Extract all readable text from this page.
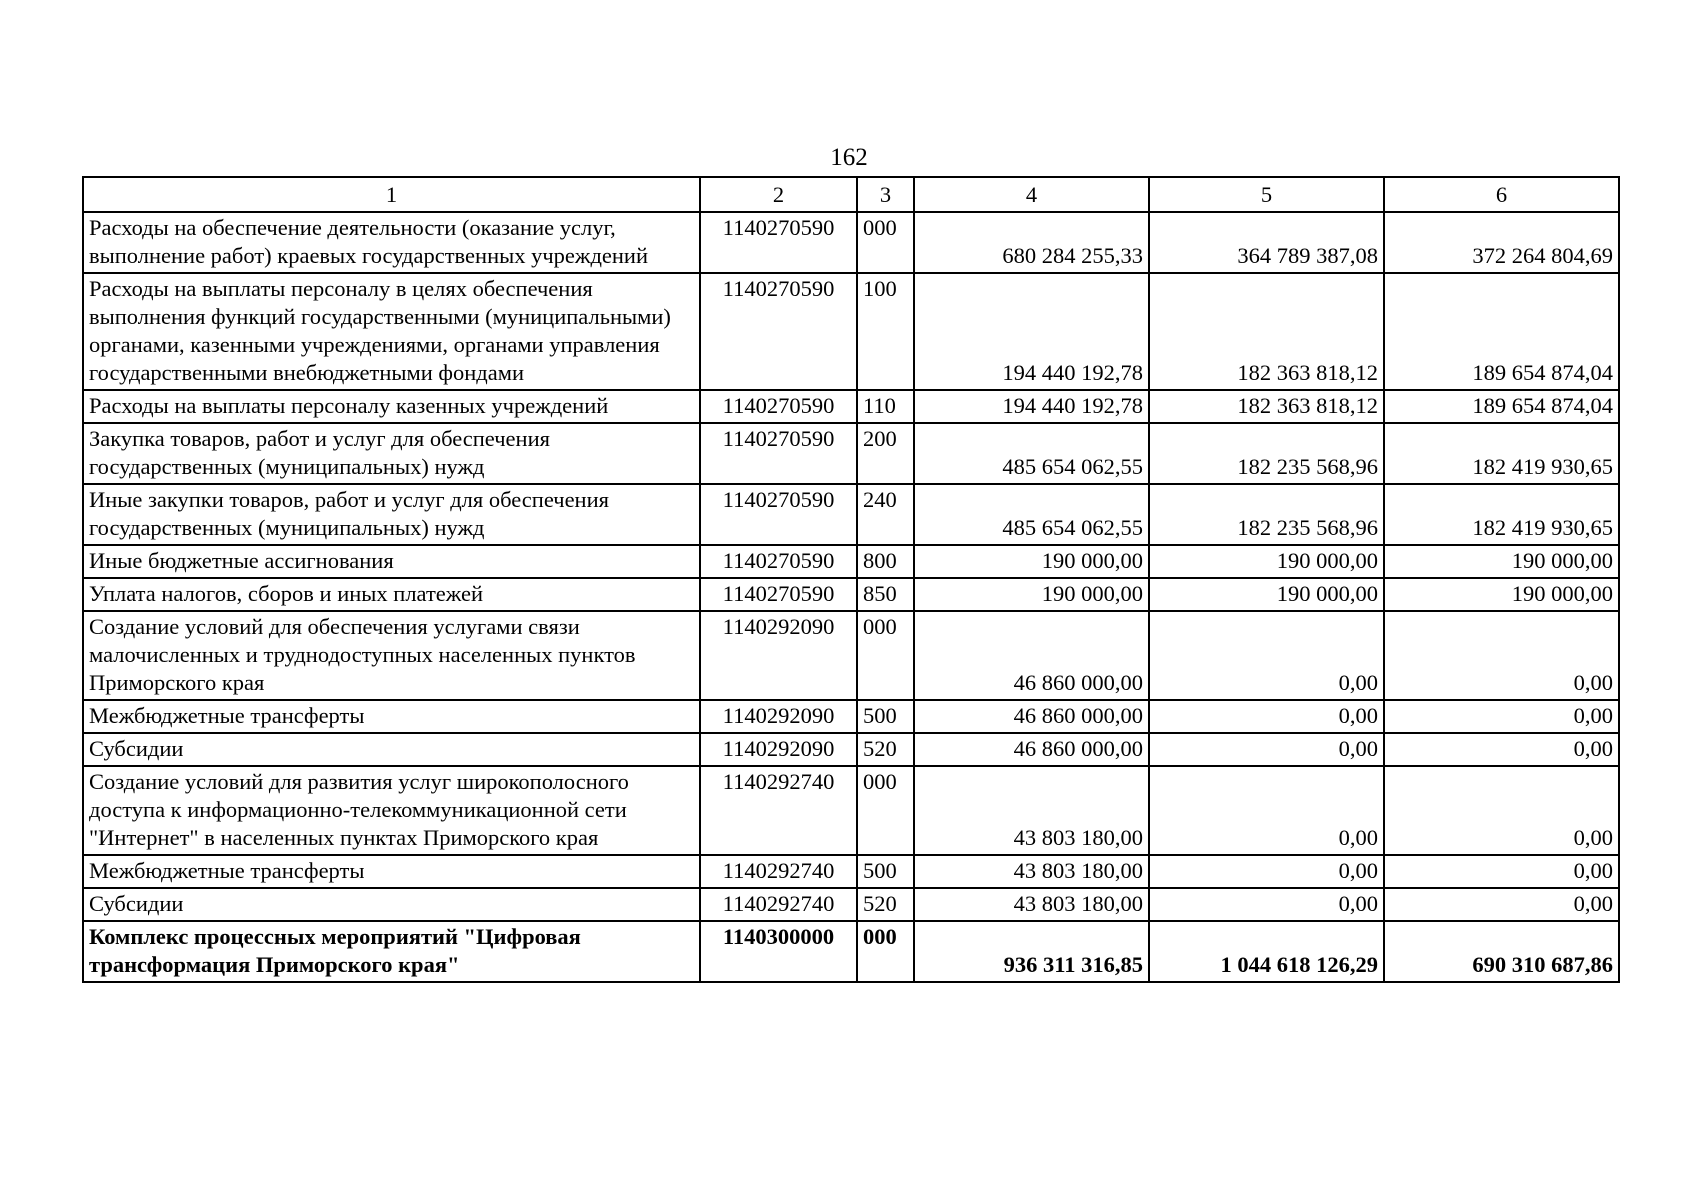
162
1	2	3	4	5	6
Расходы на обеспечение деятельности (оказание услуг, выполнение работ) краевых государственных учреждений	1140270590	000	680 284 255,33	364 789 387,08	372 264 804,69
Расходы на выплаты персоналу в целях обеспечения выполнения функций государственными (муниципальными) органами, казенными учреждениями, органами управления государственными внебюджетными фондами	1140270590	100	194 440 192,78	182 363 818,12	189 654 874,04
Расходы на выплаты персоналу казенных учреждений	1140270590	110	194 440 192,78	182 363 818,12	189 654 874,04
Закупка товаров, работ и услуг для обеспечения государственных (муниципальных) нужд	1140270590	200	485 654 062,55	182 235 568,96	182 419 930,65
Иные закупки товаров, работ и услуг для обеспечения государственных (муниципальных) нужд	1140270590	240	485 654 062,55	182 235 568,96	182 419 930,65
Иные бюджетные ассигнования	1140270590	800	190 000,00	190 000,00	190 000,00
Уплата налогов, сборов и иных платежей	1140270590	850	190 000,00	190 000,00	190 000,00
Создание условий для обеспечения услугами связи малочисленных и труднодоступных населенных пунктов Приморского края	1140292090	000	46 860 000,00	0,00	0,00
Межбюджетные трансферты	1140292090	500	46 860 000,00	0,00	0,00
Субсидии	1140292090	520	46 860 000,00	0,00	0,00
Создание условий для развития услуг широкополосного доступа к информационно-телекоммуникационной сети "Интернет" в населенных пунктах Приморского края	1140292740	000	43 803 180,00	0,00	0,00
Межбюджетные трансферты	1140292740	500	43 803 180,00	0,00	0,00
Субсидии	1140292740	520	43 803 180,00	0,00	0,00
Комплекс процессных мероприятий "Цифровая трансформация Приморского края"	1140300000	000	936 311 316,85	1 044 618 126,29	690 310 687,86
